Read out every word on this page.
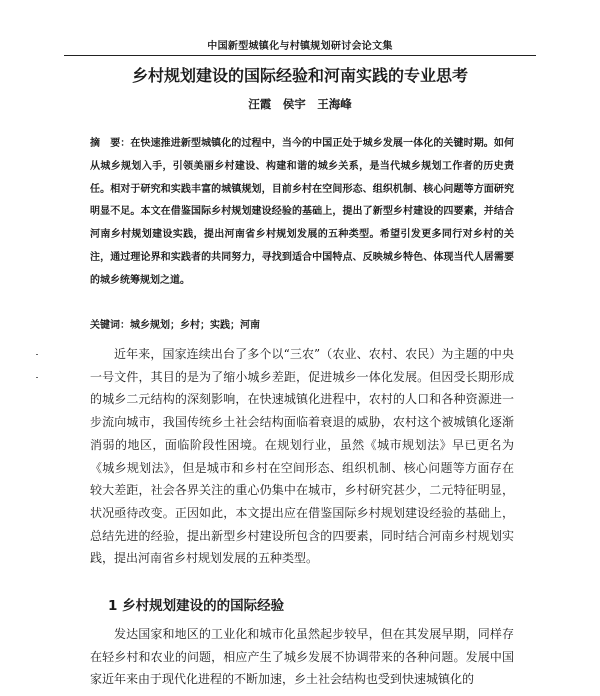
中国新型城镇化与村镇规划研讨会论文集
乡村规划建设的国际经验和河南实践的专业思考
汪霞　侯宇　王海峰

摘　要：在快速推进新型城镇化的过程中，当今的中国正处于城乡发展一体化的关键时期。如何从城乡规划入手，引领美丽乡村建设、构建和谐的城乡关系，是当代城乡规划工作者的历史责任。相对于研究和实践丰富的城镇规划，目前乡村在空间形态、组织机制、核心问题等方面研究明显不足。本文在借鉴国际乡村规划建设经验的基础上，提出了新型乡村建设的四要素，并结合河南乡村规划建设实践，提出河南省乡村规划发展的五种类型。希望引发更多同行对乡村的关注，通过理论界和实践者的共同努力，寻找到适合中国特点、反映城乡特色、体现当代人居需要的城乡统筹规划之道。

关键词：城乡规划；乡村；实践；河南

近年来，国家连续出台了多个以“三农”（农业、农村、农民）为主题的中央一号文件，其目的是为了缩小城乡差距，促进城乡一体化发展。但因受长期形成的城乡二元结构的深刻影响，在快速城镇化进程中，农村的人口和各种资源进一步流向城市，我国传统乡土社会结构面临着衰退的威胁，农村这个被城镇化逐渐消弱的地区，面临阶段性困境。在规划行业，虽然《城市规划法》早已更名为《城乡规划法》，但是城市和乡村在空间形态、组织机制、核心问题等方面存在较大差距，社会各界关注的重心仍集中在城市，乡村研究甚少，二元特征明显，状况亟待改变。正因如此，本文提出应在借鉴国际乡村规划建设经验的基础上，总结先进的经验，提出新型乡村建设所包含的四要素，同时结合河南乡村规划实践，提出河南省乡村规划发展的五种类型。

1 乡村规划建设的的国际经验

发达国家和地区的工业化和城市化虽然起步较早，但在其发展早期，同样存在轻乡村和农业的问题，相应产生了城乡发展不协调带来的各种问题。发展中国家近年来由于现代化进程的不断加速，乡土社会结构也受到快速城镇化的
